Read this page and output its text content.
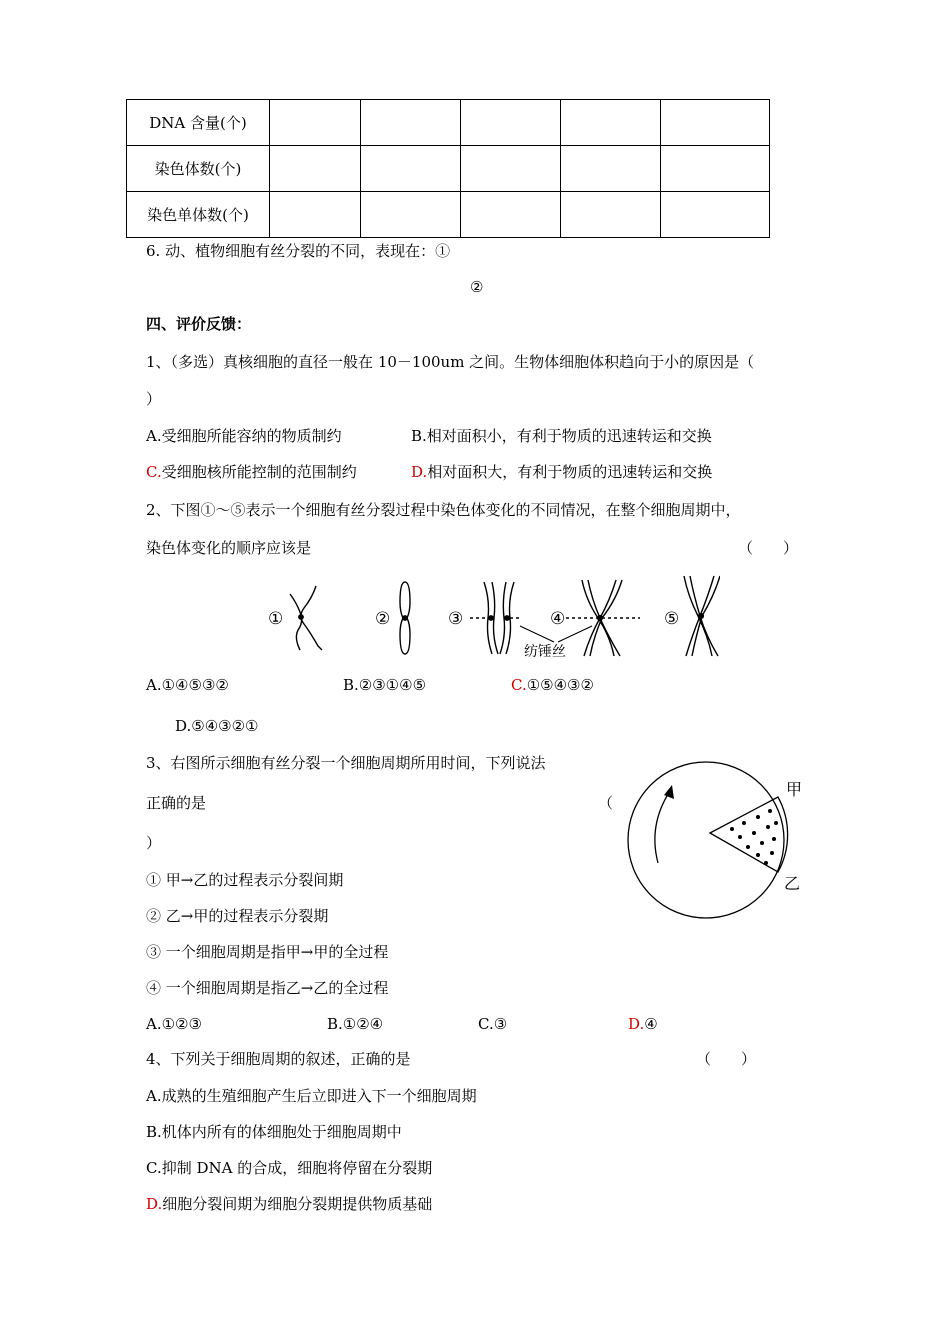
DNA 含量(个)					
染色体数(个)					
染色单体数(个)					
6. 动、植物细胞有丝分裂的不同，表现在：①
②
四、评价反馈：
1、（多选）真核细胞的直径一般在 10－100um 之间。生物体细胞体积趋向于小的原因是（
）
A.受细胞所能容纳的物质制约	B.相对面积小，有利于物质的迅速转运和交换
C.受细胞核所能控制的范围制约	D.相对面积大，有利于物质的迅速转运和交换
2、下图①～⑤表示一个细胞有丝分裂过程中染色体变化的不同情况，在整个细胞周期中，
染色体变化的顺序应该是	（　　）
①	②	③	④	⑤
纺锤丝
A.①④⑤③②	B.②③①④⑤	C.①⑤④③②
D.⑤④③②①
3、右图所示细胞有丝分裂一个细胞周期所用时间，下列说法
正确的是	（
）
① 甲→乙的过程表示分裂间期
② 乙→甲的过程表示分裂期
③ 一个细胞周期是指甲→甲的全过程
④ 一个细胞周期是指乙→乙的全过程
A.①②③	B.①②④	C.③	D.④
甲
乙
4、下列关于细胞周期的叙述，正确的是	（　　）
A.成熟的生殖细胞产生后立即进入下一个细胞周期
B.机体内所有的体细胞处于细胞周期中
C.抑制 DNA 的合成，细胞将停留在分裂期
D.细胞分裂间期为细胞分裂期提供物质基础
